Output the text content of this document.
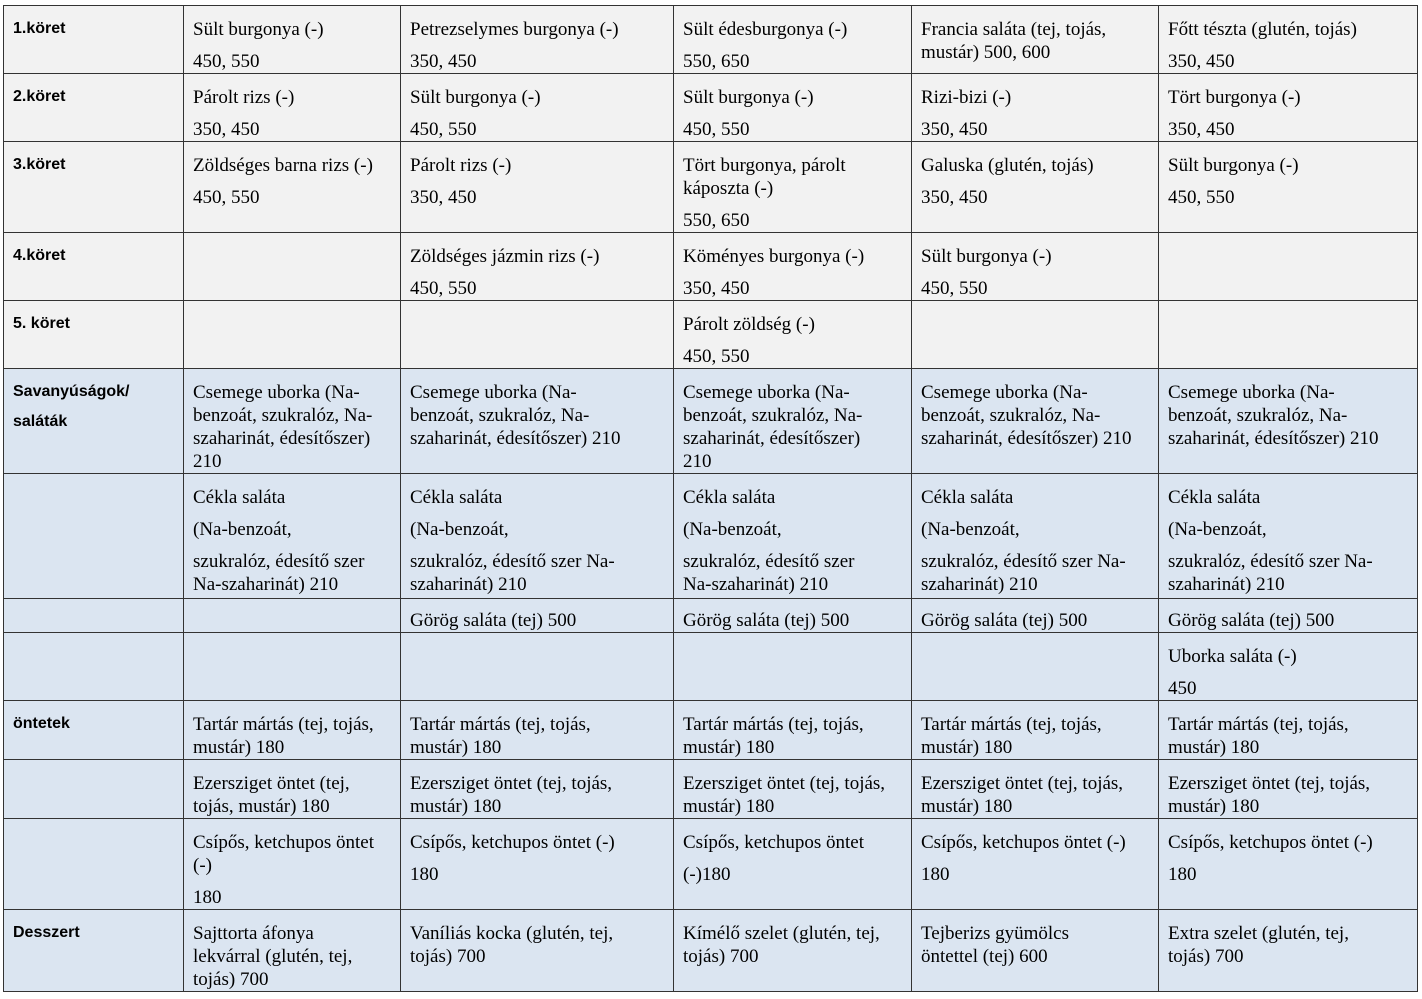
1.köret	Sült burgonya (-)
450, 550	Petrezselymes burgonya (-)
350, 450	Sült édesburgonya (-)
550, 650	Francia saláta (tej, tojás,
mustár) 500, 600	Főtt tészta (glutén, tojás)
350, 450

2.köret	Párolt rizs (-)
350, 450	Sült burgonya (-)
450, 550	Sült burgonya (-)
450, 550	Rizi-bizi (-)
350, 450	Tört burgonya (-)
350, 450

3.köret	Zöldséges barna rizs (-)
450, 550	Párolt rizs (-)
350, 450	Tört burgonya, párolt
káposzta (-)
550, 650	Galuska (glutén, tojás)
350, 450	Sült burgonya (-)
450, 550

4.köret		Zöldséges jázmin rizs (-)
450, 550	Köményes burgonya (-)
350, 450	Sült burgonya (-)
450, 550	

5. köret			Párolt zöldség (-)
450, 550		

Savanyúságok/
saláták	Csemege uborka (Na-
benzoát, szukralóz, Na-
szaharinát, édesítőszer)
210	Csemege uborka (Na-
benzoát, szukralóz, Na-
szaharinát, édesítőszer) 210	Csemege uborka (Na-
benzoát, szukralóz, Na-
szaharinát, édesítőszer)
210	Csemege uborka (Na-
benzoát, szukralóz, Na-
szaharinát, édesítőszer) 210	Csemege uborka (Na-
benzoát, szukralóz, Na-
szaharinát, édesítőszer) 210

	Cékla saláta
(Na-benzoát,
szukralóz, édesítő szer
Na-szaharinát) 210	Cékla saláta
(Na-benzoát,
szukralóz, édesítő szer Na-
szaharinát) 210	Cékla saláta
(Na-benzoát,
szukralóz, édesítő szer
Na-szaharinát) 210	Cékla saláta
(Na-benzoát,
szukralóz, édesítő szer Na-
szaharinát) 210	Cékla saláta
(Na-benzoát,
szukralóz, édesítő szer Na-
szaharinát) 210

		Görög saláta (tej) 500	Görög saláta (tej) 500	Görög saláta (tej) 500	Görög saláta (tej) 500

					Uborka saláta (-)
450

öntetek	Tartár mártás (tej, tojás,
mustár) 180	Tartár mártás (tej, tojás,
mustár) 180	Tartár mártás (tej, tojás,
mustár) 180	Tartár mártás (tej, tojás,
mustár) 180	Tartár mártás (tej, tojás,
mustár) 180

	Ezersziget öntet (tej,
tojás, mustár) 180	Ezersziget öntet (tej, tojás,
mustár) 180	Ezersziget öntet (tej, tojás,
mustár) 180	Ezersziget öntet (tej, tojás,
mustár) 180	Ezersziget öntet (tej, tojás,
mustár) 180

	Csípős, ketchupos öntet
(-)
180	Csípős, ketchupos öntet (-)
180	Csípős, ketchupos öntet
(-)180	Csípős, ketchupos öntet (-)
180	Csípős, ketchupos öntet (-)
180

Desszert	Sajttorta áfonya
lekvárral (glutén, tej,
tojás) 700	Vaníliás kocka (glutén, tej,
tojás) 700	Kímélő szelet (glutén, tej,
tojás) 700	Tejberizs gyümölcs
öntettel (tej) 600	Extra szelet (glutén, tej,
tojás) 700
